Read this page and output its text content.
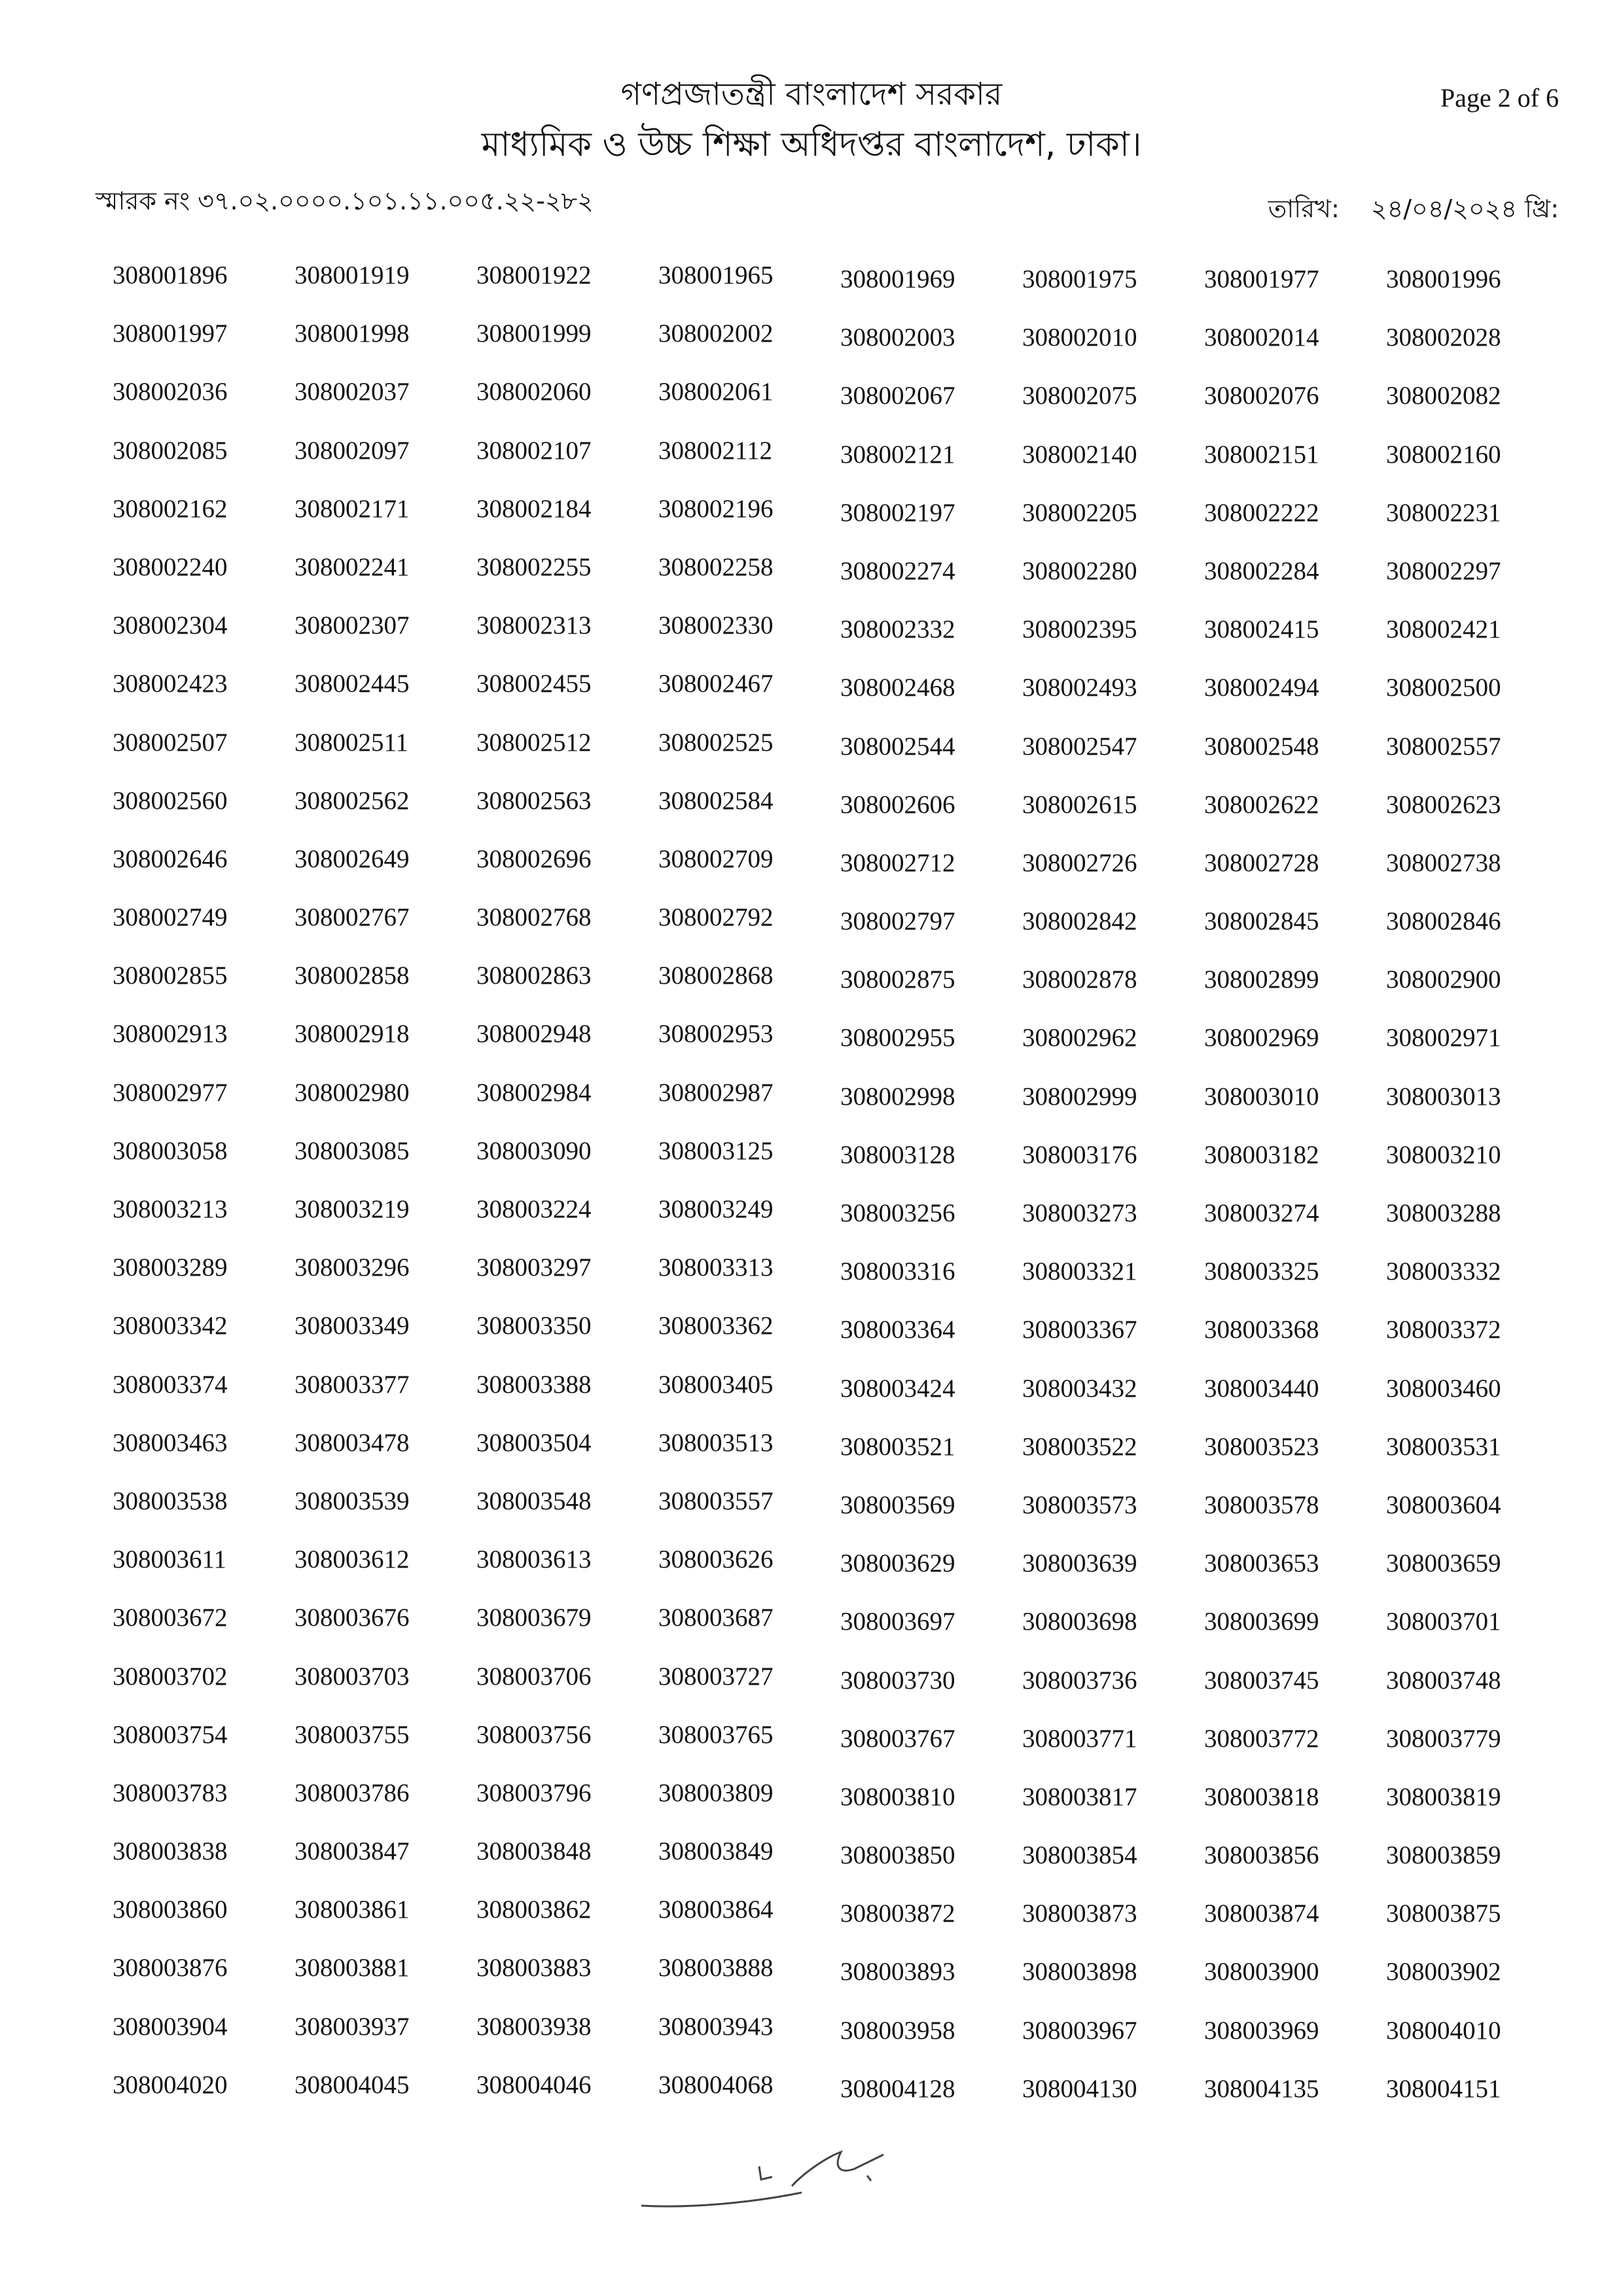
গণপ্রজাতন্ত্রী বাংলাদেশ সরকার
মাধ্যমিক ও উচ্চ শিক্ষা অধিদপ্তর বাংলাদেশ, ঢাকা।
Page 2 of 6
স্মারক নং ৩৭.০২.০০০০.১০১.১১.০০৫.২২-২৮২	তারিখ: ২৪/০৪/২০২৪ খ্রি:
308001896	308001919	308001922	308001965	308001969	308001975	308001977	308001996
308001997	308001998	308001999	308002002	308002003	308002010	308002014	308002028
308002036	308002037	308002060	308002061	308002067	308002075	308002076	308002082
308002085	308002097	308002107	308002112	308002121	308002140	308002151	308002160
308002162	308002171	308002184	308002196	308002197	308002205	308002222	308002231
308002240	308002241	308002255	308002258	308002274	308002280	308002284	308002297
308002304	308002307	308002313	308002330	308002332	308002395	308002415	308002421
308002423	308002445	308002455	308002467	308002468	308002493	308002494	308002500
308002507	308002511	308002512	308002525	308002544	308002547	308002548	308002557
308002560	308002562	308002563	308002584	308002606	308002615	308002622	308002623
308002646	308002649	308002696	308002709	308002712	308002726	308002728	308002738
308002749	308002767	308002768	308002792	308002797	308002842	308002845	308002846
308002855	308002858	308002863	308002868	308002875	308002878	308002899	308002900
308002913	308002918	308002948	308002953	308002955	308002962	308002969	308002971
308002977	308002980	308002984	308002987	308002998	308002999	308003010	308003013
308003058	308003085	308003090	308003125	308003128	308003176	308003182	308003210
308003213	308003219	308003224	308003249	308003256	308003273	308003274	308003288
308003289	308003296	308003297	308003313	308003316	308003321	308003325	308003332
308003342	308003349	308003350	308003362	308003364	308003367	308003368	308003372
308003374	308003377	308003388	308003405	308003424	308003432	308003440	308003460
308003463	308003478	308003504	308003513	308003521	308003522	308003523	308003531
308003538	308003539	308003548	308003557	308003569	308003573	308003578	308003604
308003611	308003612	308003613	308003626	308003629	308003639	308003653	308003659
308003672	308003676	308003679	308003687	308003697	308003698	308003699	308003701
308003702	308003703	308003706	308003727	308003730	308003736	308003745	308003748
308003754	308003755	308003756	308003765	308003767	308003771	308003772	308003779
308003783	308003786	308003796	308003809	308003810	308003817	308003818	308003819
308003838	308003847	308003848	308003849	308003850	308003854	308003856	308003859
308003860	308003861	308003862	308003864	308003872	308003873	308003874	308003875
308003876	308003881	308003883	308003888	308003893	308003898	308003900	308003902
308003904	308003937	308003938	308003943	308003958	308003967	308003969	308004010
308004020	308004045	308004046	308004068	308004128	308004130	308004135	308004151
